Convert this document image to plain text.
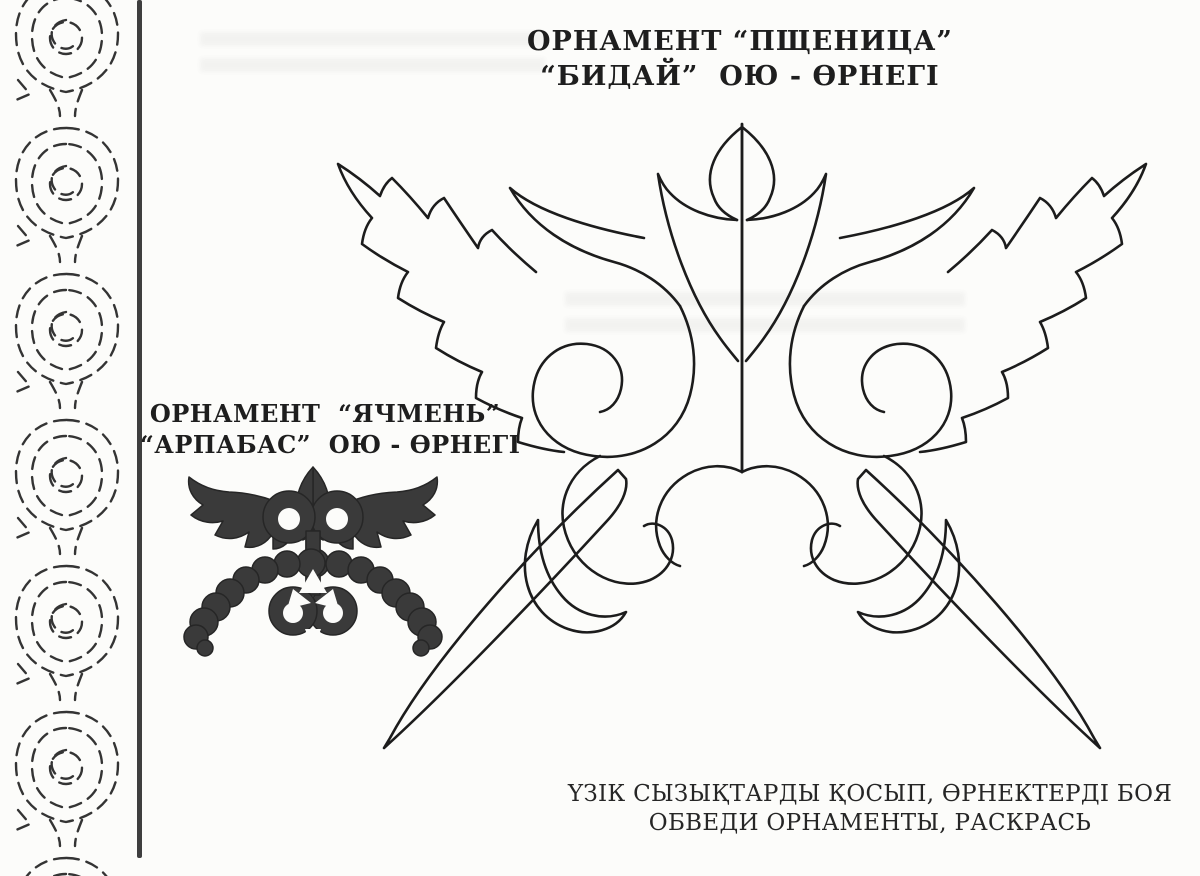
ОРНАМЕНТ “ПЩЕНИЦА”
“БИДАЙ”  ОЮ - ӨРНЕГІ
ОРНАМЕНТ  “ЯЧМЕНЬ”
“АРПАБАС”  ОЮ - ӨРНЕГІ
ҮЗІК СЫЗЫҚТАРДЫ ҚОСЫП, ӨРНЕКТЕРДІ БОЯ
ОБВЕДИ ОРНАМЕНТЫ, РАСКРАСЬ
